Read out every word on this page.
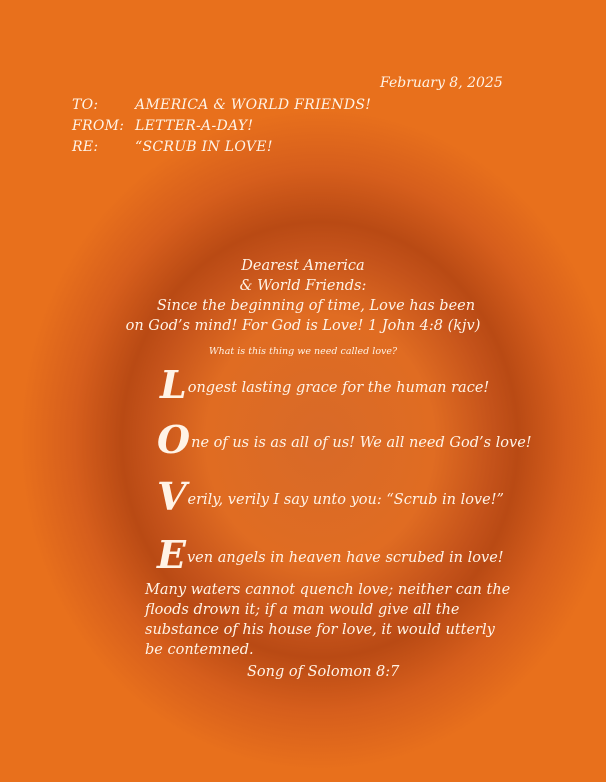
February 8, 2025
TO:	AMERICA & WORLD FRIENDS!
FROM: LETTER-A-DAY!
RE:	“SCRUB IN LOVE!
Dearest America
& World Friends:
Since the beginning of time, Love has been
on God’s mind! For God is Love! 1 John 4:8 (kjv)
What is this thing we need called love?
Longest lasting grace for the human race!
One of us is as all of us! We all need God’s love!
Verily, verily I say unto you: “Scrub in love!”
Even angels in heaven have scrubed in love!
Many waters cannot quench love; neither can the
floods drown it; if a man would give all the
substance of his house for love, it would utterly
be contemned.
Song of Solomon 8:7
